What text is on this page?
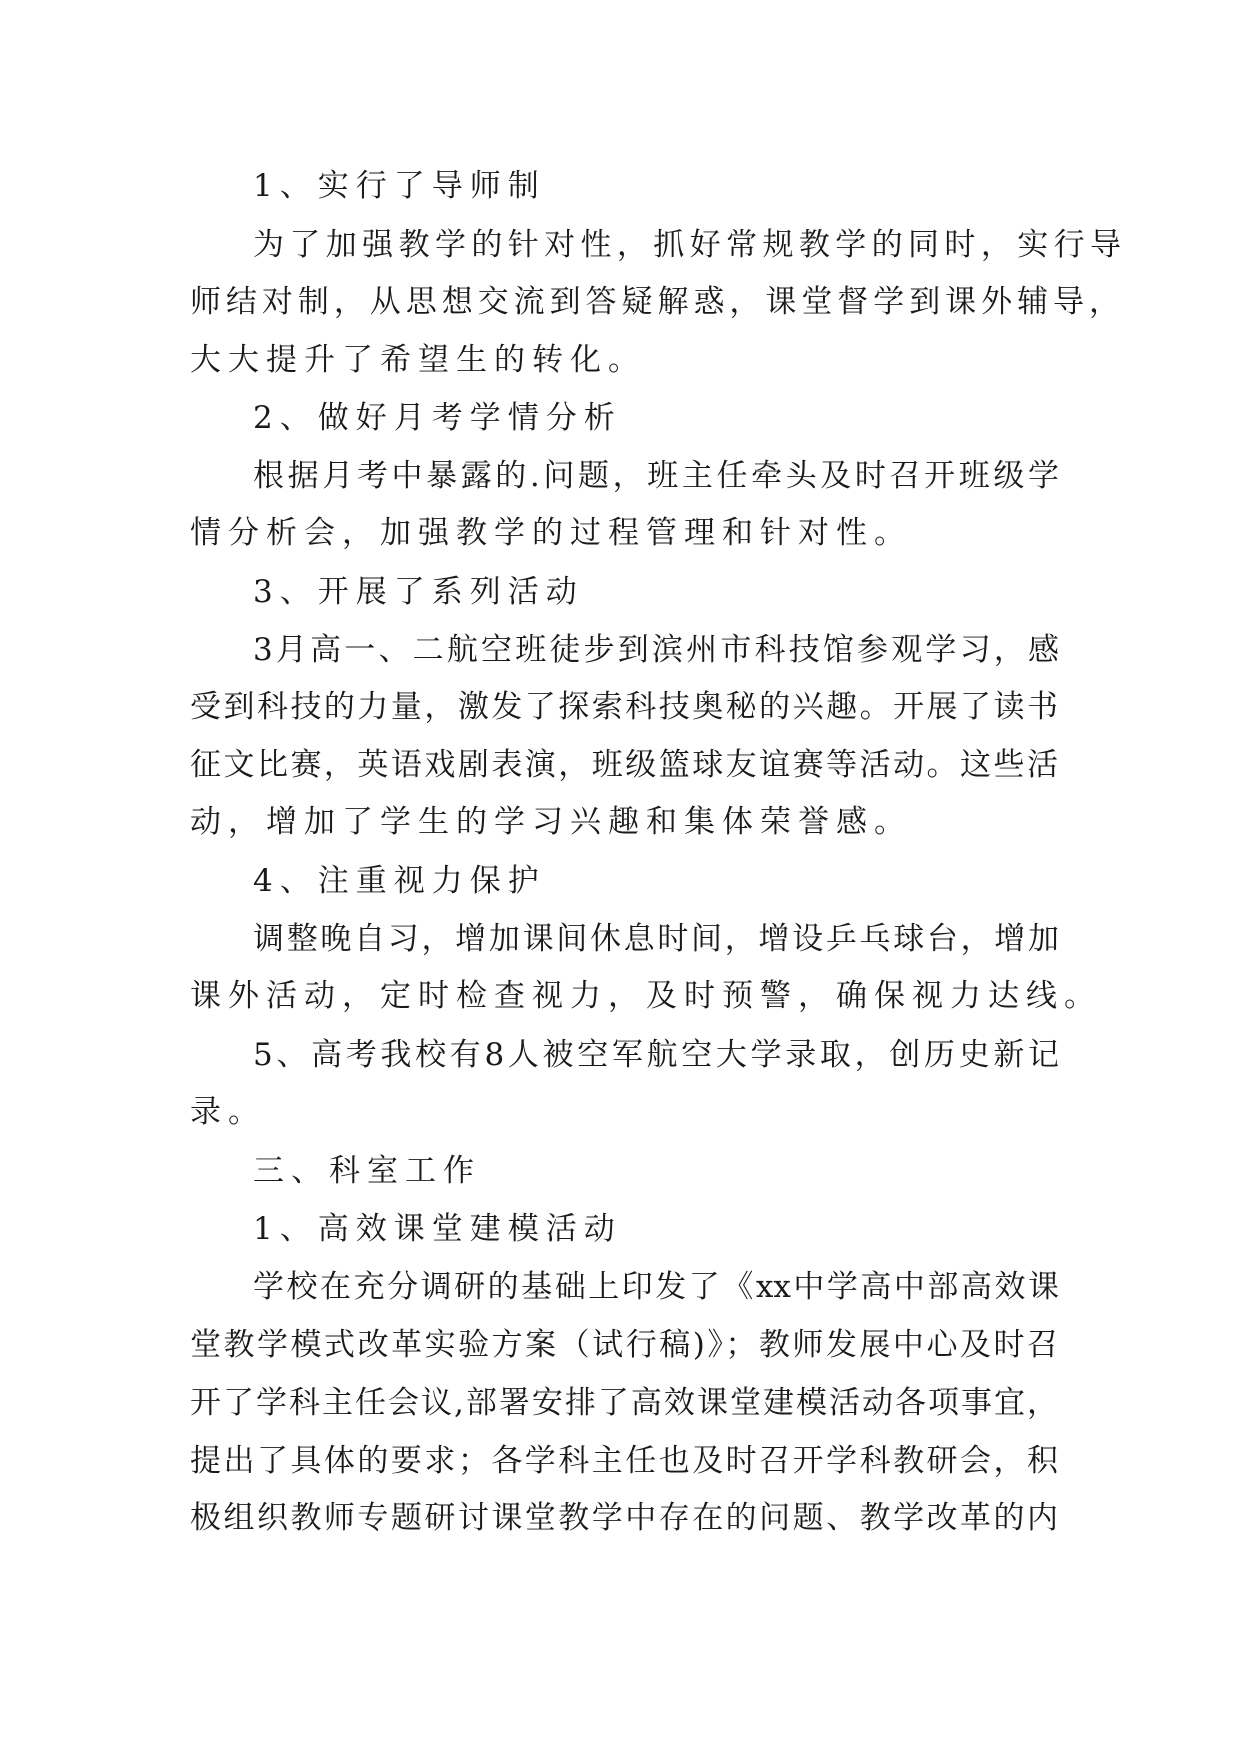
1、实行了导师制
为了加强教学的针对性，抓好常规教学的同时，实行导
师结对制，从思想交流到答疑解惑，课堂督学到课外辅导，
大大提升了希望生的转化。
2、做好月考学情分析
根据月考中暴露的.问题，班主任牵头及时召开班级学
情分析会，加强教学的过程管理和针对性。
3、开展了系列活动
3月高一、二航空班徒步到滨州市科技馆参观学习，感
受到科技的力量，激发了探索科技奥秘的兴趣。开展了读书
征文比赛，英语戏剧表演，班级篮球友谊赛等活动。这些活
动，增加了学生的学习兴趣和集体荣誉感。
4、注重视力保护
调整晚自习，增加课间休息时间，增设乒乓球台，增加
课外活动，定时检查视力，及时预警，确保视力达线。
5、高考我校有8人被空军航空大学录取，创历史新记
录。
三、科室工作
1、高效课堂建模活动
学校在充分调研的基础上印发了《xx中学高中部高效课
堂教学模式改革实验方案（试行稿)》；教师发展中心及时召
开了学科主任会议,部署安排了高效课堂建模活动各项事宜，
提出了具体的要求；各学科主任也及时召开学科教研会，积
极组织教师专题研讨课堂教学中存在的问题、教学改革的内
